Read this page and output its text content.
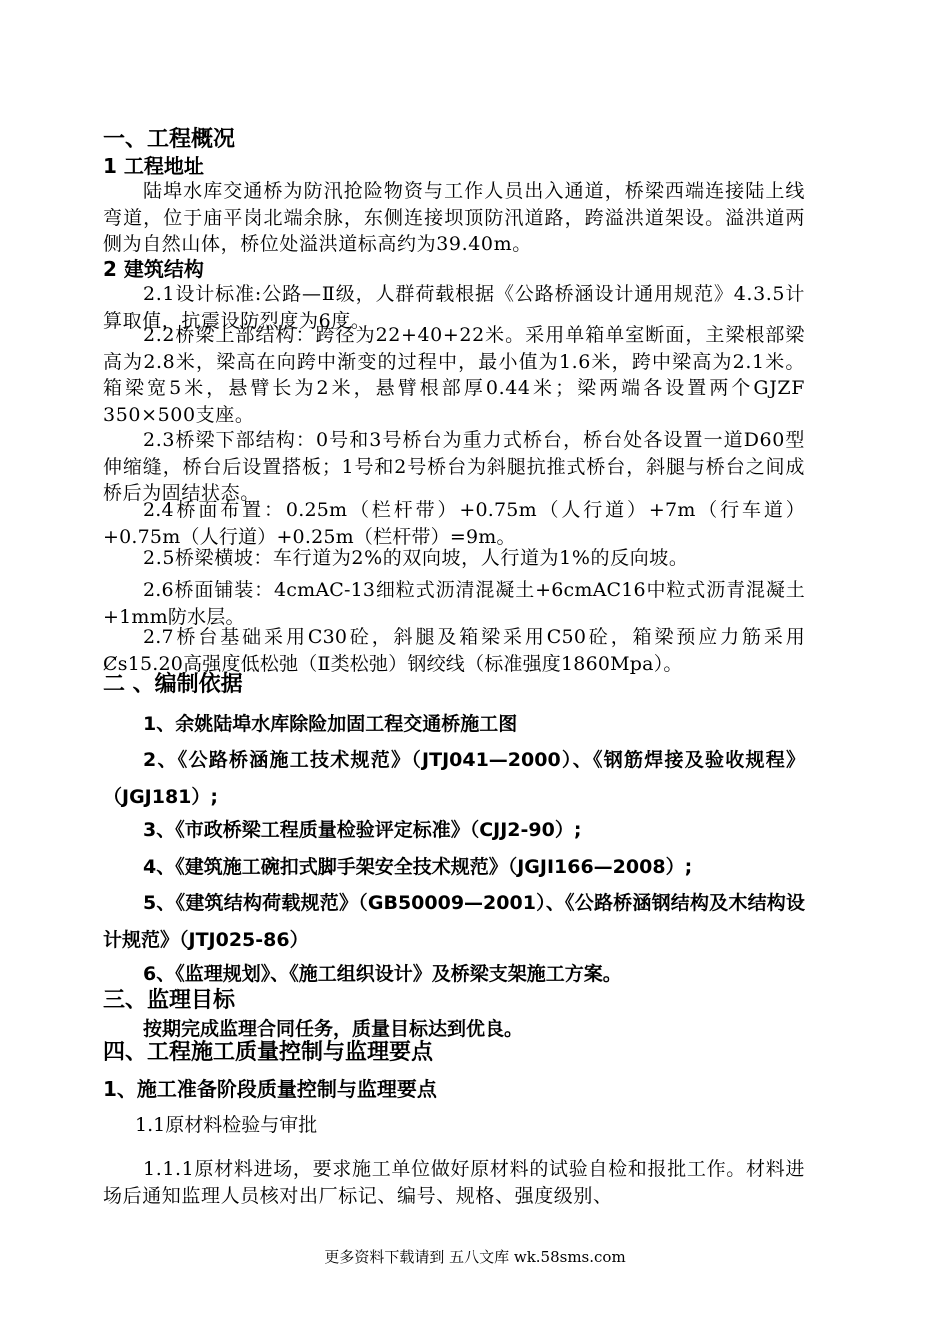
一、工程概况
1 工程地址

陆埠水库交通桥为防汛抢险物资与工作人员出入通道，桥梁西端连接陆上线弯道，位于庙平岗北端余脉，东侧连接坝顶防汛道路，跨溢洪道架设。溢洪道两侧为自然山体，桥位处溢洪道标高约为39.40m。

2 建筑结构

2.1设计标准:公路—Ⅱ级，人群荷载根据《公路桥涵设计通用规范》4.3.5计算取值，抗震设防烈度为6度。

2.2桥梁上部结构：跨径为22+40+22米。采用单箱单室断面，主梁根部梁高为2.8米，梁高在向跨中渐变的过程中，最小值为1.6米，跨中梁高为2.1米。箱梁宽5米，悬臂长为2米，悬臂根部厚0.44米；梁两端各设置两个GJZF 350×500支座。

2.3桥梁下部结构：0号和3号桥台为重力式桥台，桥台处各设置一道D60型伸缩缝，桥台后设置搭板；1号和2号桥台为斜腿抗推式桥台，斜腿与桥台之间成桥后为固结状态。

2.4桥面布置：0.25m（栏杆带）+0.75m（人行道）+7m（行车道）+0.75m（人行道）+0.25m（栏杆带）=9m。

2.5桥梁横坡：车行道为2%的双向坡，人行道为1%的反向坡。

2.6桥面铺装：4cmAC-13细粒式沥清混凝土+6cmAC16中粒式沥青混凝土+1mm防水层。

2.7桥台基础采用C30砼，斜腿及箱梁采用C50砼，箱梁预应力筋采用Ȼs15.20高强度低松弛（Ⅱ类松弛）钢绞线（标准强度1860Mpa）。

二 、编制依据

1、余姚陆埠水库除险加固工程交通桥施工图

2、《公路桥涵施工技术规范》（JTJ041—2000）、《钢筋焊接及验收规程》（JGJ181）;

3、《市政桥梁工程质量检验评定标准》（CJJ2-90）;

4、《建筑施工碗扣式脚手架安全技术规范》（JGJI166—2008）;

5、《建筑结构荷载规范》（GB50009—2001）、《公路桥涵钢结构及木结构设计规范》（JTJ025-86）

6、《监理规划》、《施工组织设计》及桥梁支架施工方案。

三、监理目标
按期完成监理合同任务，质量目标达到优良。
四、工程施工质量控制与监理要点
1、施工准备阶段质量控制与监理要点
1.1原材料检验与审批

1.1.1原材料进场，要求施工单位做好原材料的试验自检和报批工作。材料进场后通知监理人员核对出厂标记、编号、规格、强度级别、

更多资料下载请到 五八文库 wk.58sms.com
